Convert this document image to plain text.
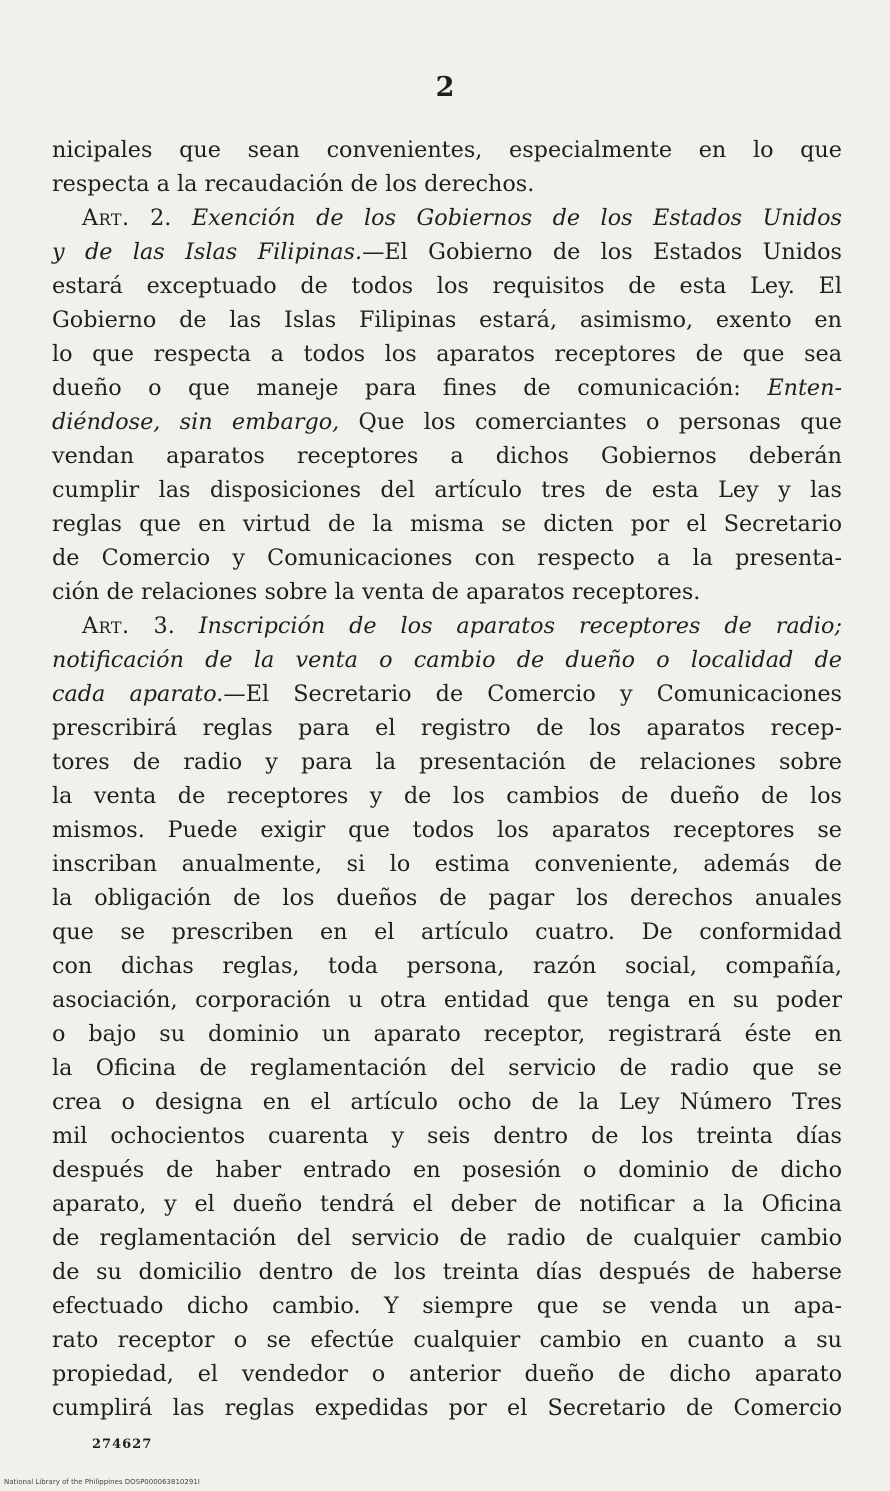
2
nicipales que sean convenientes, especialmente en lo que
respecta a la recaudación de los derechos.
Art. 2. Exención de los Gobiernos de los Estados Unidos
y de las Islas Filipinas.—El Gobierno de los Estados Unidos
estará exceptuado de todos los requisitos de esta Ley. El
Gobierno de las Islas Filipinas estará, asimismo, exento en
lo que respecta a todos los aparatos receptores de que sea
dueño o que maneje para fines de comunicación: Enten-
diéndose, sin embargo, Que los comerciantes o personas que
vendan aparatos receptores a dichos Gobiernos deberán
cumplir las disposiciones del artículo tres de esta Ley y las
reglas que en virtud de la misma se dicten por el Secretario
de Comercio y Comunicaciones con respecto a la presenta-
ción de relaciones sobre la venta de aparatos receptores.
Art. 3. Inscripción de los aparatos receptores de radio;
notificación de la venta o cambio de dueño o localidad de
cada aparato.—El Secretario de Comercio y Comunicaciones
prescribirá reglas para el registro de los aparatos recep-
tores de radio y para la presentación de relaciones sobre
la venta de receptores y de los cambios de dueño de los
mismos. Puede exigir que todos los aparatos receptores se
inscriban anualmente, si lo estima conveniente, además de
la obligación de los dueños de pagar los derechos anuales
que se prescriben en el artículo cuatro. De conformidad
con dichas reglas, toda persona, razón social, compañía,
asociación, corporación u otra entidad que tenga en su poder
o bajo su dominio un aparato receptor, registrará éste en
la Oficina de reglamentación del servicio de radio que se
crea o designa en el artículo ocho de la Ley Número Tres
mil ochocientos cuarenta y seis dentro de los treinta días
después de haber entrado en posesión o dominio de dicho
aparato, y el dueño tendrá el deber de notificar a la Oficina
de reglamentación del servicio de radio de cualquier cambio
de su domicilio dentro de los treinta días después de haberse
efectuado dicho cambio. Y siempre que se venda un apa-
rato receptor o se efectúe cualquier cambio en cuanto a su
propiedad, el vendedor o anterior dueño de dicho aparato
cumplirá las reglas expedidas por el Secretario de Comercio
274627
National Library of the Philippines DOSP000063810291I
